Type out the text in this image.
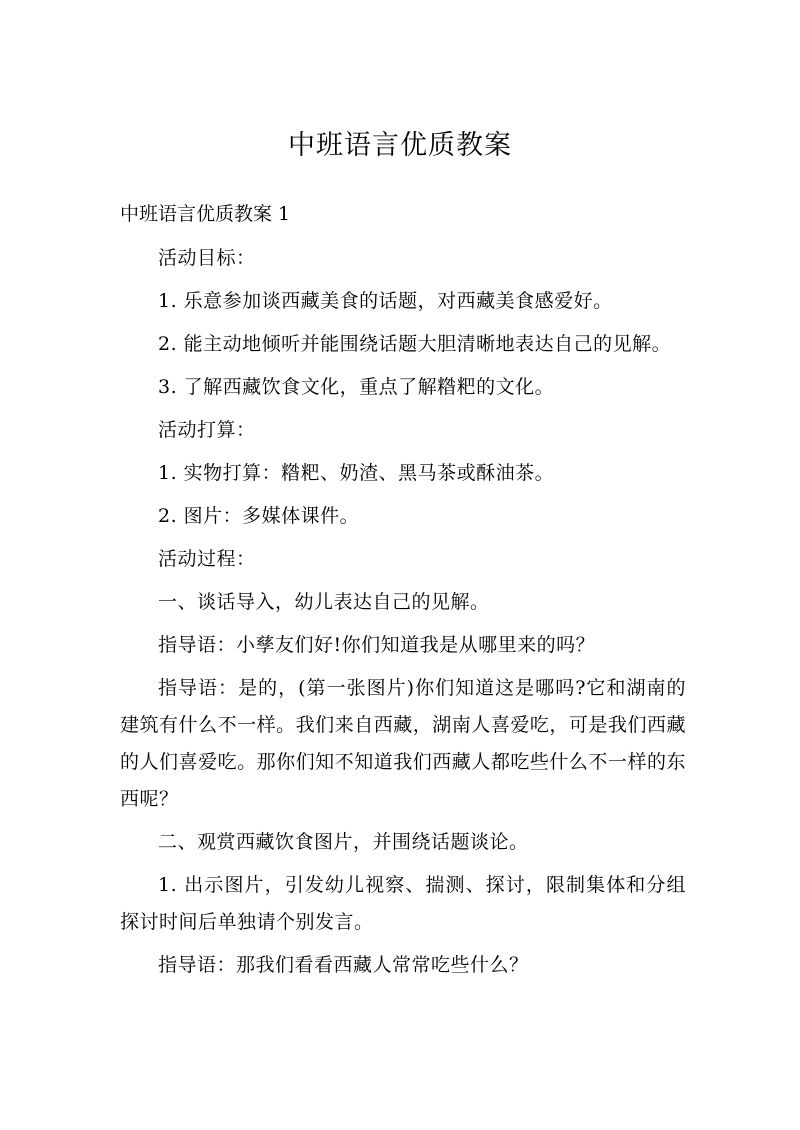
中班语言优质教案

中班语言优质教案 1

活动目标：

1. 乐意参加谈西藏美食的话题，对西藏美食感爱好。

2. 能主动地倾听并能围绕话题大胆清晰地表达自己的见解。

3. 了解西藏饮食文化，重点了解糌粑的文化。

活动打算：

1. 实物打算：糌粑、奶渣、黑马茶或酥油茶。

2. 图片：多媒体课件。

活动过程：

一、谈话导入，幼儿表达自己的见解。

指导语：小孳友们好!你们知道我是从哪里来的吗？

指导语：是的，(第一张图片)你们知道这是哪吗?它和湖南的建筑有什么不一样。我们来自西藏，湖南人喜爱吃，可是我们西藏的人们喜爱吃。那你们知不知道我们西藏人都吃些什么不一样的东西呢？

二、观赏西藏饮食图片，并围绕话题谈论。

1. 出示图片，引发幼儿视察、揣测、探讨，限制集体和分组探讨时间后单独请个别发言。

指导语：那我们看看西藏人常常吃些什么？
